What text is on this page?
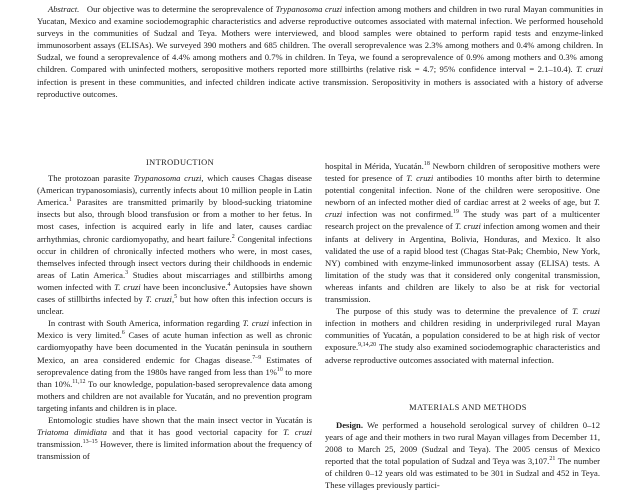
Abstract. Our objective was to determine the seroprevalence of Trypanosoma cruzi infection among mothers and children in two rural Mayan communities in Yucatan, Mexico and examine sociodemographic characteristics and adverse reproductive outcomes associated with maternal infection. We performed household surveys in the communities of Sudzal and Teya. Mothers were interviewed, and blood samples were obtained to perform rapid tests and enzyme-linked immunosorbent assays (ELISAs). We surveyed 390 mothers and 685 children. The overall seroprevalence was 2.3% among mothers and 0.4% among children. In Sudzal, we found a seroprevalence of 4.4% among mothers and 0.7% in children. In Teya, we found a seroprevalence of 0.9% among mothers and 0.3% among children. Compared with uninfected mothers, seropositive mothers reported more stillbirths (relative risk = 4.7; 95% confidence interval = 2.1–10.4). T. cruzi infection is present in these communities, and infected children indicate active transmission. Seropositivity in mothers is associated with a history of adverse reproductive outcomes.

INTRODUCTION

The protozoan parasite Trypanosoma cruzi, which causes Chagas disease (American trypanosomiasis), currently infects about 10 million people in Latin America.$^1$ Parasites are transmitted primarily by blood-sucking triatomine insects but also, through blood transfusion or from a mother to her fetus. In most cases, infection is acquired early in life and later, causes cardiac arrhythmias, chronic cardiomyopathy, and heart failure.$^2$ Congenital infections occur in children of chronically infected mothers who were, in most cases, themselves infected through insect vectors during their childhoods in endemic areas of Latin America.$^3$ Studies about miscarriages and stillbirths among women infected with T. cruzi have been inconclusive.$^4$ Autopsies have shown cases of stillbirths infected by T. cruzi,$^5$ but how often this infection occurs is unclear.

In contrast with South America, information regarding T. cruzi infection in Mexico is very limited.$^6$ Cases of acute human infection as well as chronic cardiomyopathy have been documented in the Yucatán peninsula in southern Mexico, an area considered endemic for Chagas disease.$^{7-9}$ Estimates of seroprevalence dating from the 1980s have ranged from less than 1%$^{10}$ to more than 10%.$^{11,12}$ To our knowledge, population-based seroprevalence data among mothers and children are not available for Yucatán, and no prevention program targeting infants and children is in place.

Entomologic studies have shown that the main insect vector in Yucatán is Triatoma dimidiata and that it has good vectorial capacity for T. cruzi transmission.$^{13-15}$ However, there is limited information about the frequency of transmission of

hospital in Mérida, Yucatán.$^{18}$ Newborn children of seropositive mothers were tested for presence of T. cruzi antibodies 10 months after birth to determine potential congenital infection. None of the children were seropositive. One newborn of an infected mother died of cardiac arrest at 2 weeks of age, but T. cruzi infection was not confirmed.$^{19}$ The study was part of a multicenter research project on the prevalence of T. cruzi infection among women and their infants at delivery in Argentina, Bolivia, Honduras, and Mexico. It also validated the use of a rapid blood test (Chagas Stat-Pak; Chembio, New York, NY) combined with enzyme-linked immunosorbent assay (ELISA) tests. A limitation of the study was that it considered only congenital transmission, whereas infants and children are likely to also be at risk for vectorial transmission.

The purpose of this study was to determine the prevalence of T. cruzi infection in mothers and children residing in underprivileged rural Mayan communities of Yucatán, a population considered to be at high risk of vector exposure.$^{9,14,20}$ The study also examined sociodemographic characteristics and adverse reproductive outcomes associated with maternal infection.

MATERIALS AND METHODS

Design. We performed a household serological survey of children 0–12 years of age and their mothers in two rural Mayan villages from December 11, 2008 to March 25, 2009 (Sudzal and Teya). The 2005 census of Mexico reported that the total population of Sudzal and Teya was 3,107.21 The number of children 0–12 years old was estimated to be 301 in Sudzal and 452 in Teya. These villages previously partici-
